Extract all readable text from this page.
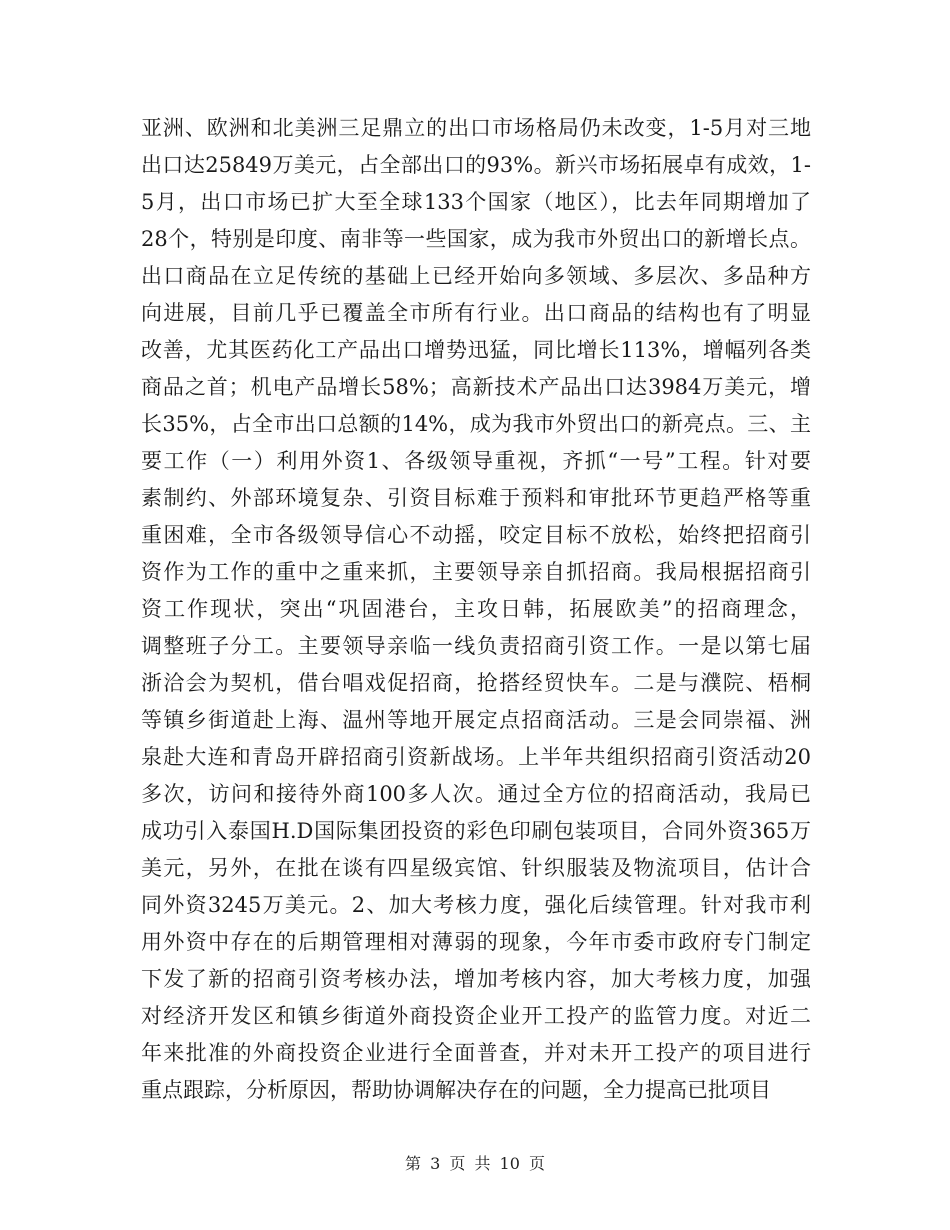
亚洲、欧洲和北美洲三足鼎立的出口市场格局仍未改变，1-5月对三地
出口达25849万美元，占全部出口的93%。新兴市场拓展卓有成效，1-
5月，出口市场已扩大至全球133个国家（地区），比去年同期增加了
28个，特别是印度、南非等一些国家，成为我市外贸出口的新增长点。
出口商品在立足传统的基础上已经开始向多领域、多层次、多品种方
向进展，目前几乎已覆盖全市所有行业。出口商品的结构也有了明显
改善，尤其医药化工产品出口增势迅猛，同比增长113%，增幅列各类
商品之首；机电产品增长58%；高新技术产品出口达3984万美元，增
长35%，占全市出口总额的14%，成为我市外贸出口的新亮点。三、主
要工作（一）利用外资1、各级领导重视，齐抓“一号”工程。针对要
素制约、外部环境复杂、引资目标难于预料和审批环节更趋严格等重
重困难，全市各级领导信心不动摇，咬定目标不放松，始终把招商引
资作为工作的重中之重来抓，主要领导亲自抓招商。我局根据招商引
资工作现状，突出“巩固港台，主攻日韩，拓展欧美”的招商理念，
调整班子分工。主要领导亲临一线负责招商引资工作。一是以第七届
浙洽会为契机，借台唱戏促招商，抢搭经贸快车。二是与濮院、梧桐
等镇乡街道赴上海、温州等地开展定点招商活动。三是会同崇福、洲
泉赴大连和青岛开辟招商引资新战场。上半年共组织招商引资活动20
多次，访问和接待外商100多人次。通过全方位的招商活动，我局已
成功引入泰国H.D国际集团投资的彩色印刷包装项目，合同外资365万
美元，另外，在批在谈有四星级宾馆、针织服装及物流项目，估计合
同外资3245万美元。2、加大考核力度，强化后续管理。针对我市利
用外资中存在的后期管理相对薄弱的现象，今年市委市政府专门制定
下发了新的招商引资考核办法，增加考核内容，加大考核力度，加强
对经济开发区和镇乡街道外商投资企业开工投产的监管力度。对近二
年来批准的外商投资企业进行全面普查，并对未开工投产的项目进行
重点跟踪，分析原因，帮助协调解决存在的问题，全力提高已批项目
第 3 页 共 10 页
